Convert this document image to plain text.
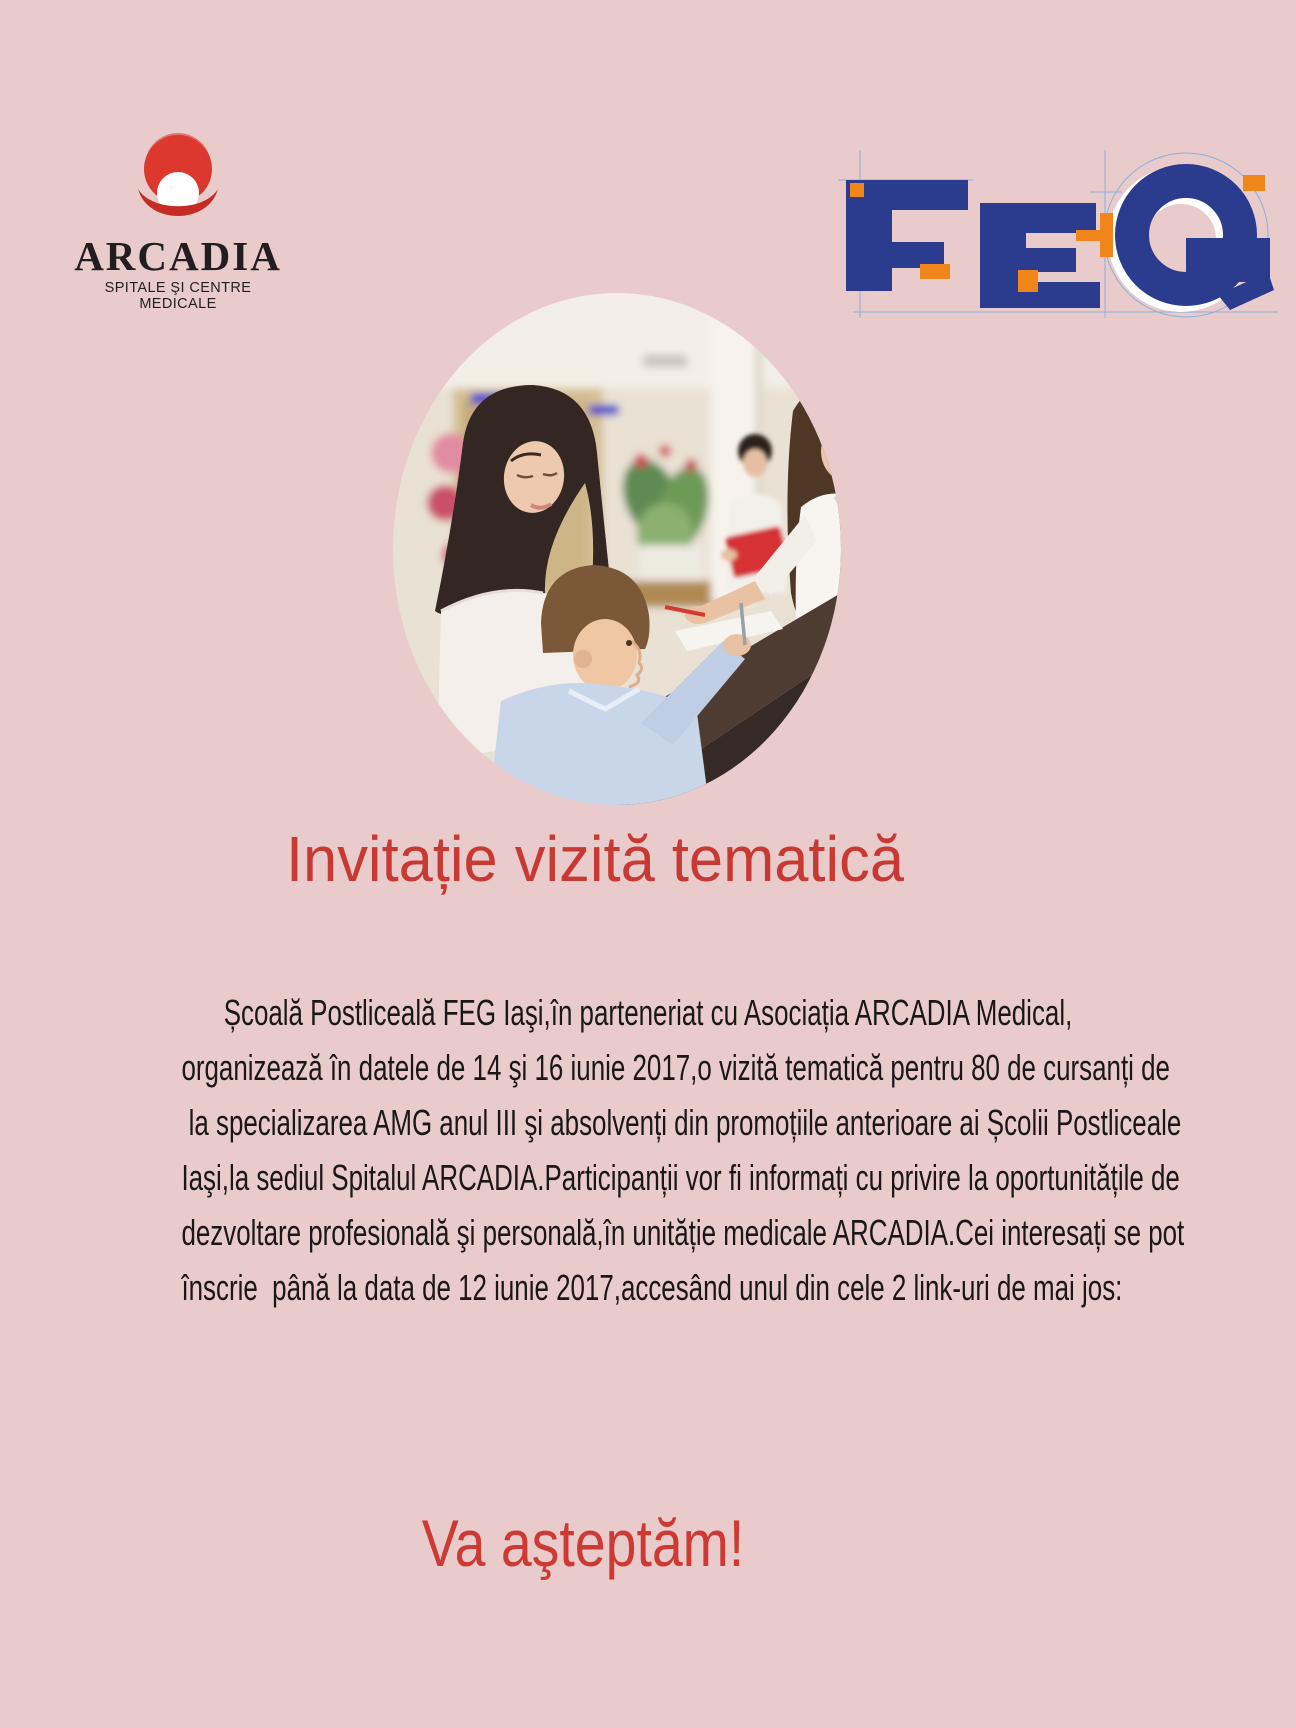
ARCADIA
SPITALE ŞI CENTRE MEDICALE
Invitație vizită tematică
Școală Postliceală FEG Iaşi,în parteneriat cu Asociația ARCADIA Medical,
organizează în datele de 14 şi 16 iunie 2017,o vizită tematică pentru 80 de cursanți de
la specializarea AMG anul III şi absolvenți din promoțiile anterioare ai Școlii Postliceale
Iaşi,la sediul Spitalul ARCADIA.Participanții vor fi informați cu privire la oportunitățile de
dezvoltare profesională şi personală,în unităție medicale ARCADIA.Cei interesați se pot
înscrie  până la data de 12 iunie 2017,accesând unul din cele 2 link-uri de mai jos:
Va aşteptăm!
